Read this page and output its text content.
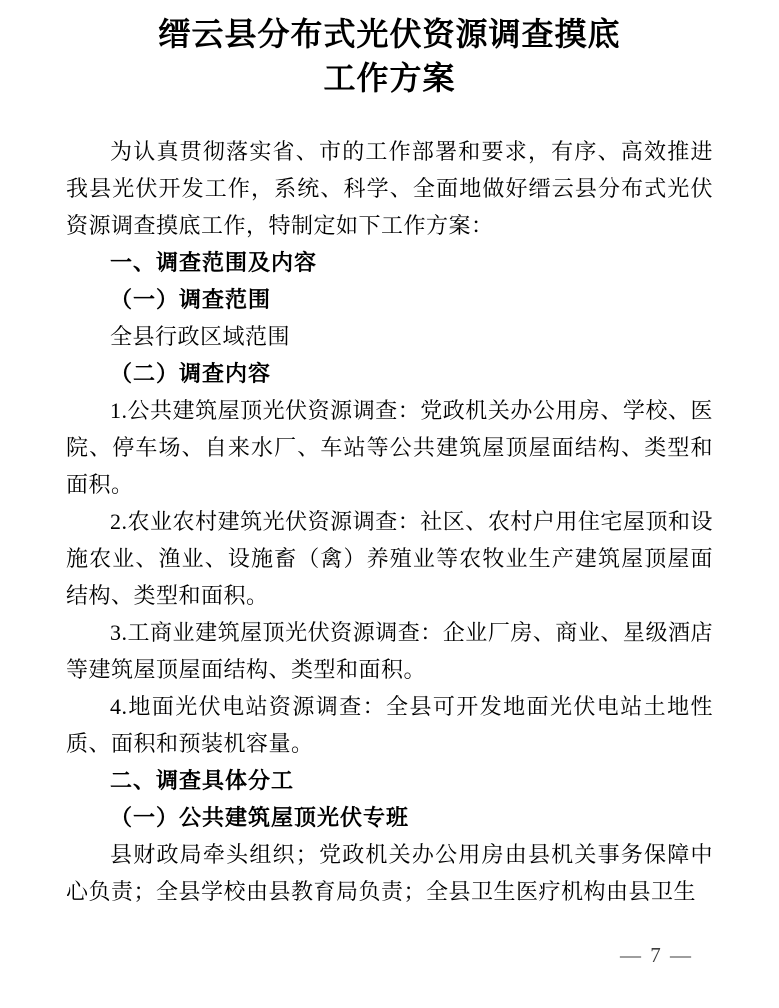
缙云县分布式光伏资源调查摸底
工作方案

为认真贯彻落实省、市的工作部署和要求，有序、高效推进我县光伏开发工作，系统、科学、全面地做好缙云县分布式光伏资源调查摸底工作，特制定如下工作方案：

一、调查范围及内容
（一）调查范围

全县行政区域范围

（二）调查内容

1.公共建筑屋顶光伏资源调查：党政机关办公用房、学校、医院、停车场、自来水厂、车站等公共建筑屋顶屋面结构、类型和面积。

2.农业农村建筑光伏资源调查：社区、农村户用住宅屋顶和设施农业、渔业、设施畜（禽）养殖业等农牧业生产建筑屋顶屋面结构、类型和面积。

3.工商业建筑屋顶光伏资源调查：企业厂房、商业、星级酒店等建筑屋顶屋面结构、类型和面积。

4.地面光伏电站资源调查：全县可开发地面光伏电站土地性质、面积和预装机容量。

二、调查具体分工
（一）公共建筑屋顶光伏专班

县财政局牵头组织；党政机关办公用房由县机关事务保障中心负责；全县学校由县教育局负责；全县卫生医疗机构由县卫生

— 7 —
